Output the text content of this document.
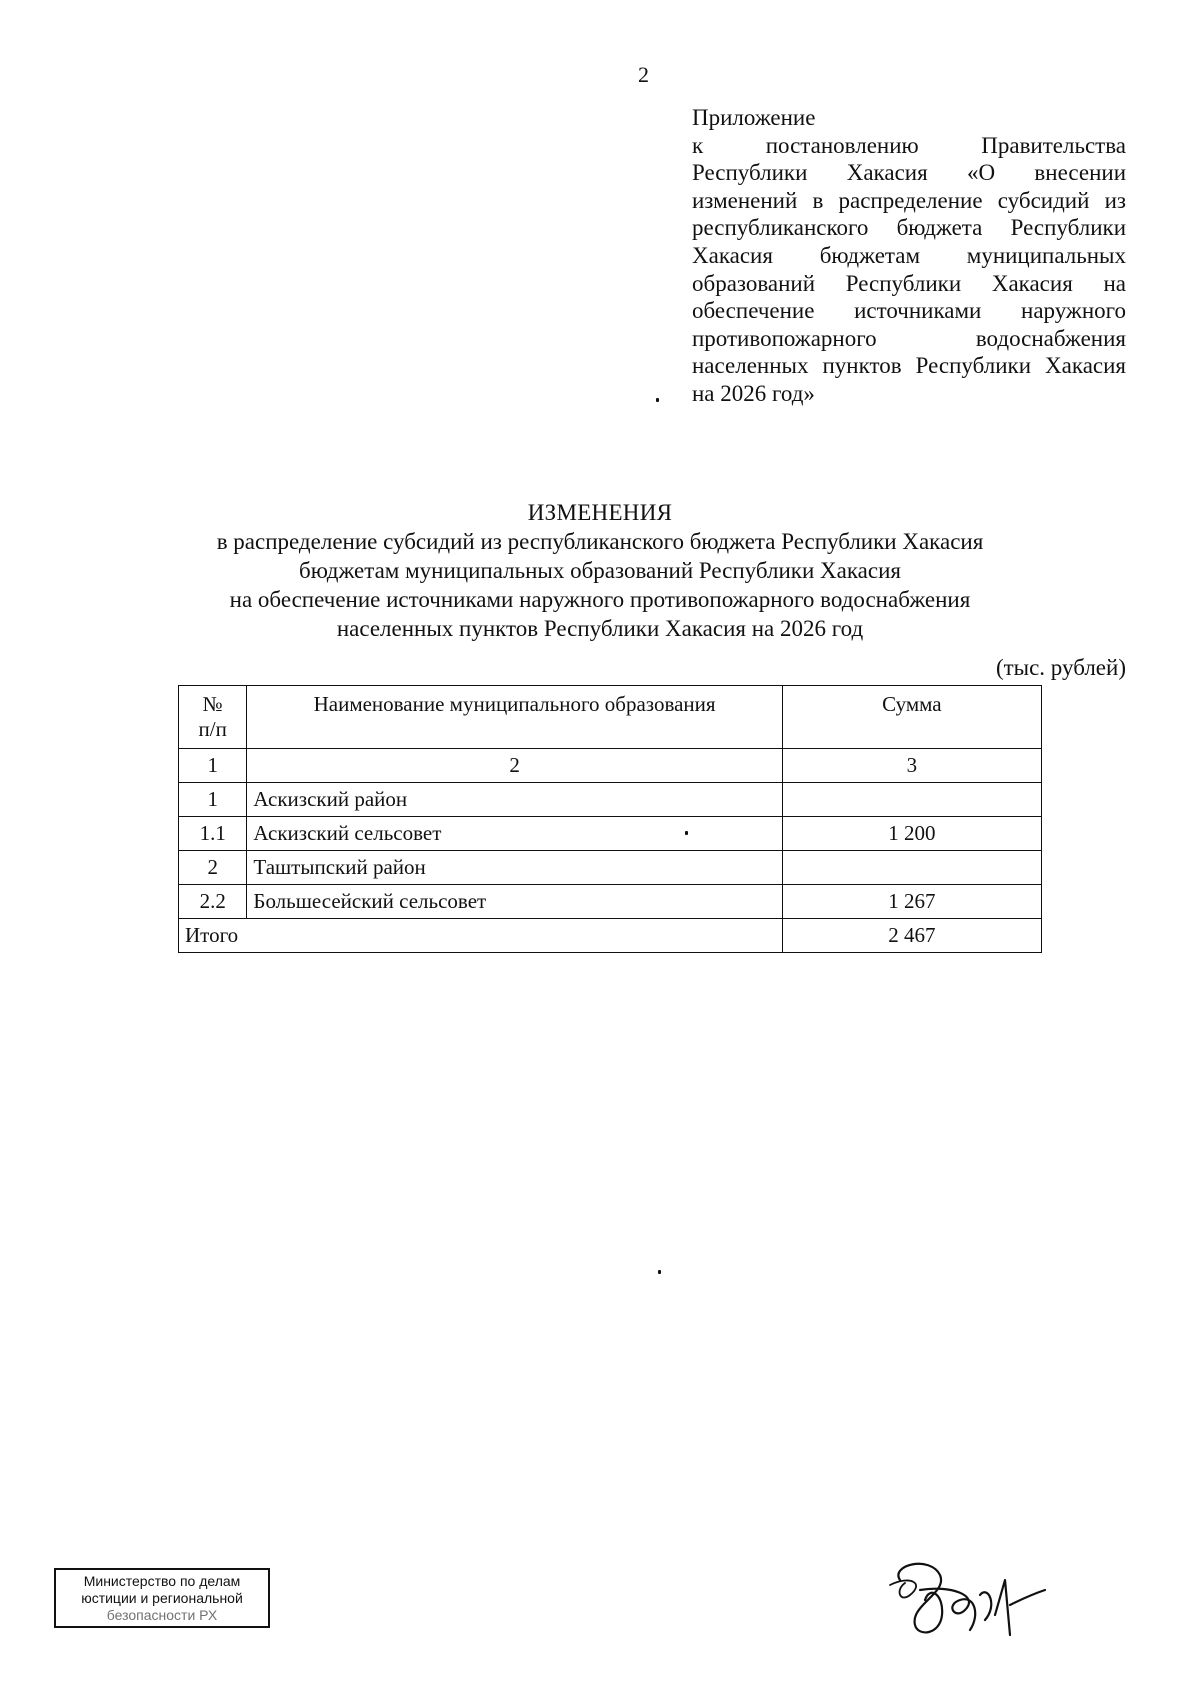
2
Приложение
к постановлению Правительства Республики Хакасия «О внесении изменений в распределение субсидий из республиканского бюджета Республики Хакасия бюджетам муниципальных образований Республики Хакасия на обеспечение источниками наружного противопожарного водоснабжения населенных пунктов Республики Хакасия на 2026 год»
ИЗМЕНЕНИЯ
в распределение субсидий из республиканского бюджета Республики Хакасия
бюджетам муниципальных образований Республики Хакасия
на обеспечение источниками наружного противопожарного водоснабжения
населенных пунктов Республики Хакасия на 2026 год
(тыс. рублей)
№
п/п	Наименование муниципального образования	Сумма
1	2	3
1	Аскизский район	
1.1	Аскизский сельсовет	1 200
2	Таштыпский район	
2.2	Большесейский сельсовет	1 267
Итого		2 467
Министерство по делам
юстиции и региональной
безопасности РХ
